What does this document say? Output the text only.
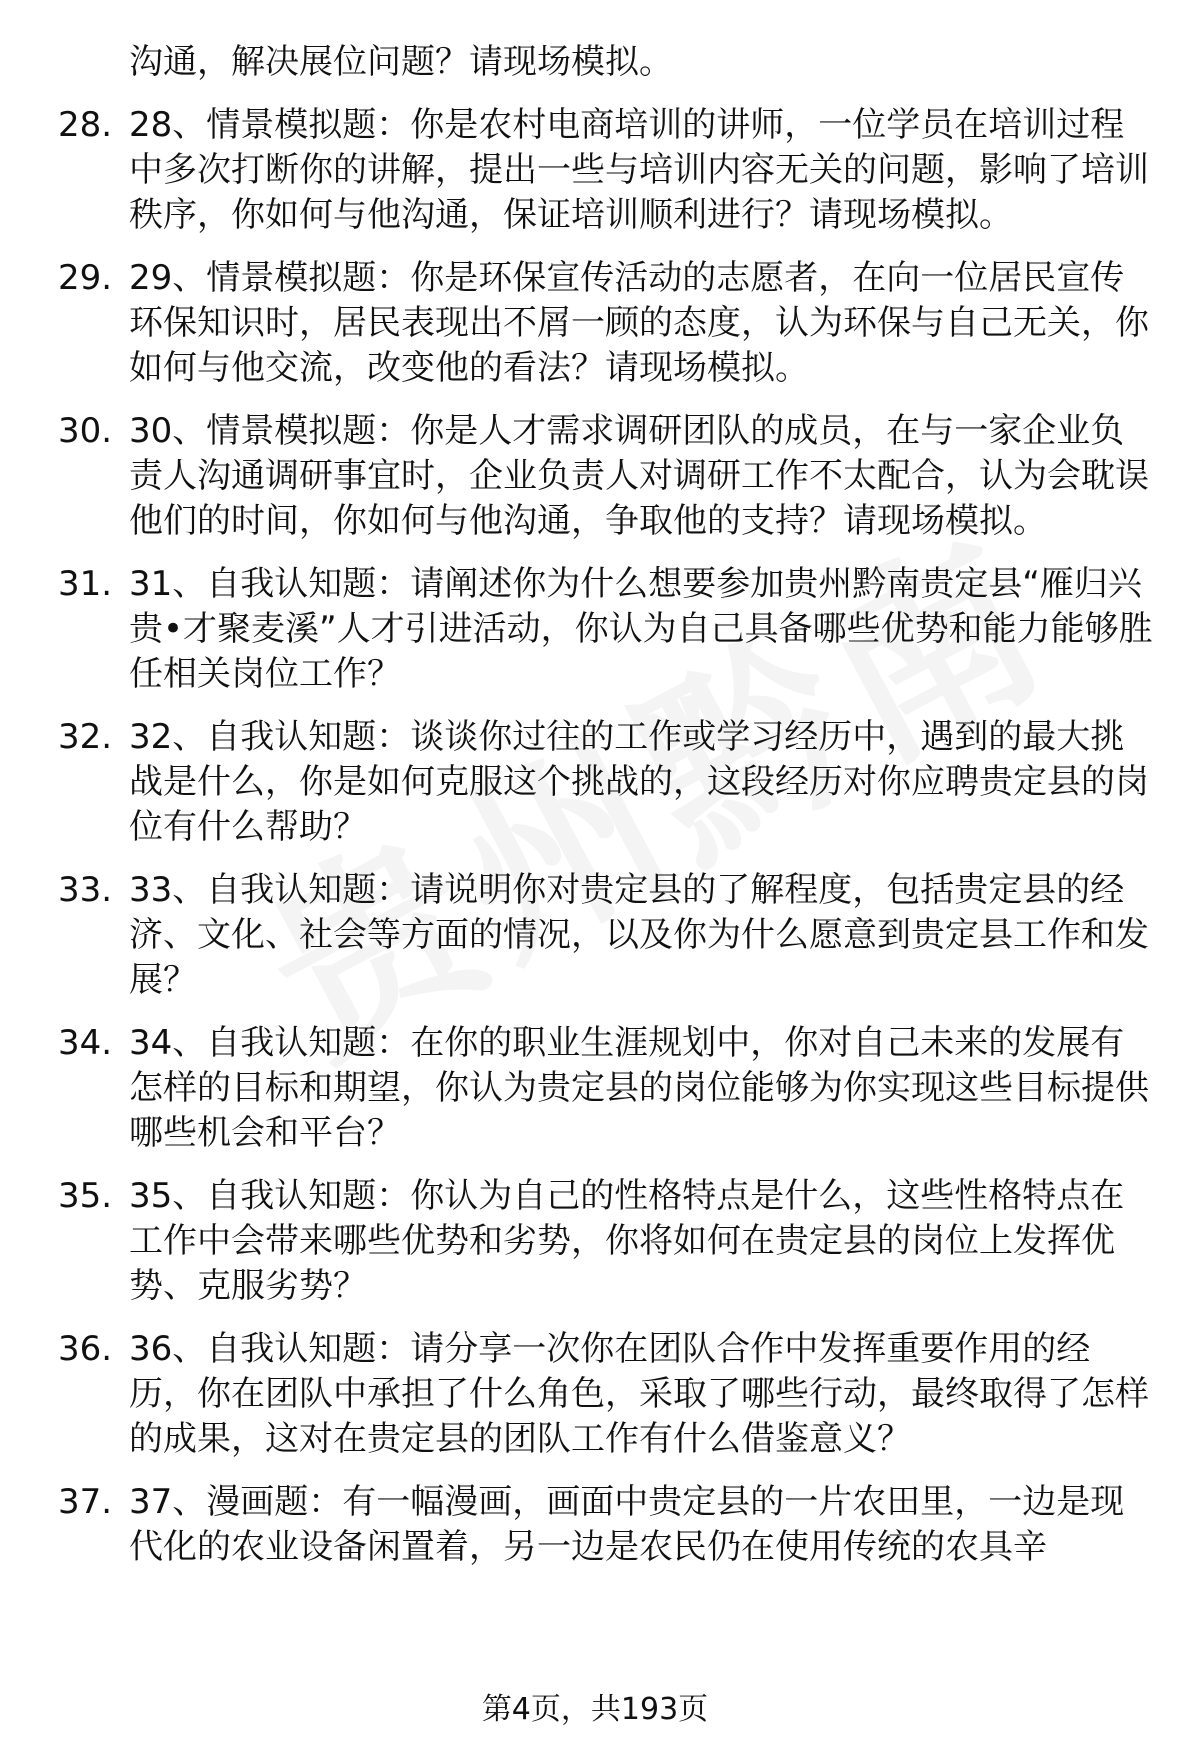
沟通，解决展位问题？请现场模拟。
28. 28、情景模拟题：你是农村电商培训的讲师，一位学员在培训过程中多次打断你的讲解，提出一些与培训内容无关的问题，影响了培训秩序，你如何与他沟通，保证培训顺利进行？请现场模拟。
29. 29、情景模拟题：你是环保宣传活动的志愿者，在向一位居民宣传环保知识时，居民表现出不屑一顾的态度，认为环保与自己无关，你如何与他交流，改变他的看法？请现场模拟。
30. 30、情景模拟题：你是人才需求调研团队的成员，在与一家企业负责人沟通调研事宜时，企业负责人对调研工作不太配合，认为会耽误他们的时间，你如何与他沟通，争取他的支持？请现场模拟。
31. 31、自我认知题：请阐述你为什么想要参加贵州黔南贵定县“雁归兴贵•才聚麦溪”人才引进活动，你认为自己具备哪些优势和能力能够胜任相关岗位工作？
32. 32、自我认知题：谈谈你过往的工作或学习经历中，遇到的最大挑战是什么，你是如何克服这个挑战的，这段经历对你应聘贵定县的岗位有什么帮助？
33. 33、自我认知题：请说明你对贵定县的了解程度，包括贵定县的经济、文化、社会等方面的情况，以及你为什么愿意到贵定县工作和发展？
34. 34、自我认知题：在你的职业生涯规划中，你对自己未来的发展有怎样的目标和期望，你认为贵定县的岗位能够为你实现这些目标提供哪些机会和平台？
35. 35、自我认知题：你认为自己的性格特点是什么，这些性格特点在工作中会带来哪些优势和劣势，你将如何在贵定县的岗位上发挥优势、克服劣势？
36. 36、自我认知题：请分享一次你在团队合作中发挥重要作用的经历，你在团队中承担了什么角色，采取了哪些行动，最终取得了怎样的成果，这对在贵定县的团队工作有什么借鉴意义？
37. 37、漫画题：有一幅漫画，画面中贵定县的一片农田里，一边是现代化的农业设备闲置着，另一边是农民仍在使用传统的农具辛
第4页，共193页
